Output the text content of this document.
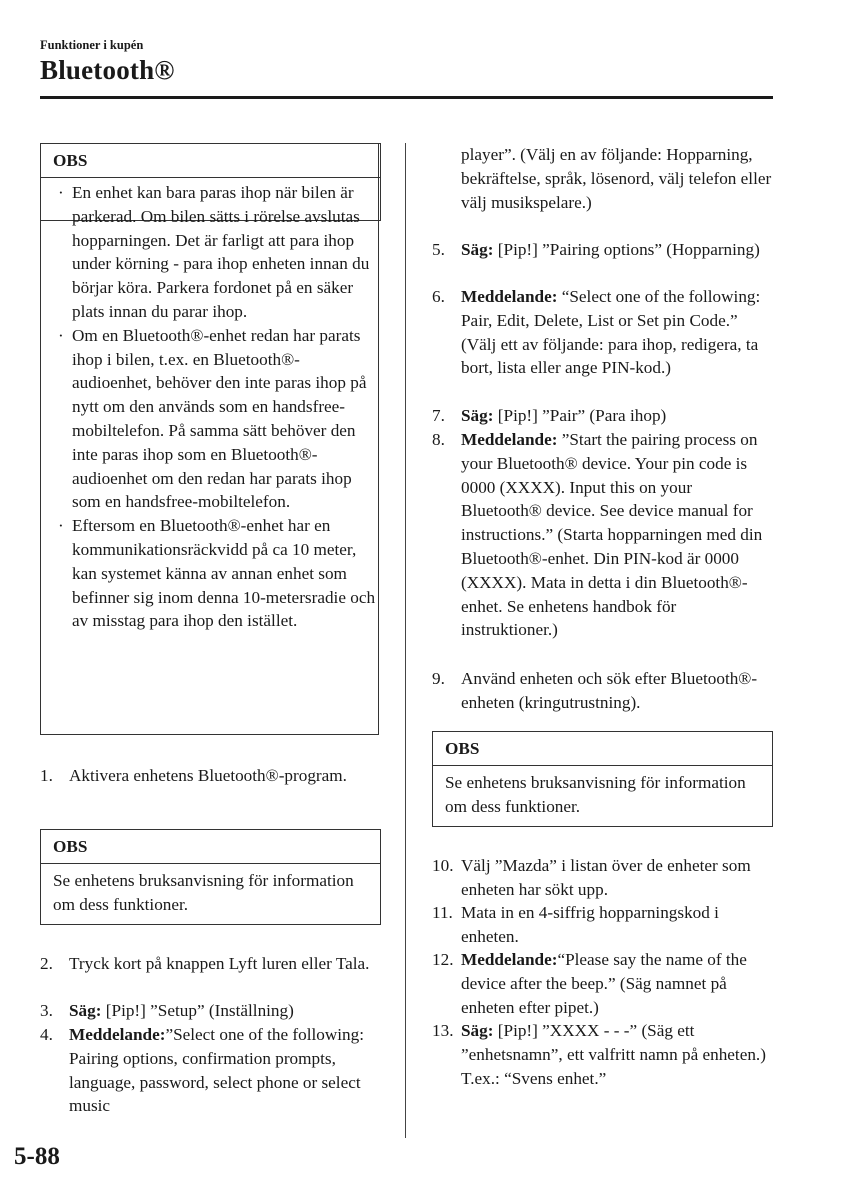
Funktioner i kupén
Bluetooth®
OBS
· En enhet kan bara paras ihop när bilen är parkerad. Om bilen sätts i rörelse avslutas hopparningen. Det är farligt att para ihop under körning - para ihop enheten innan du börjar köra. Parkera fordonet på en säker plats innan du parar ihop.
· Om en Bluetooth®-enhet redan har parats ihop i bilen, t.ex. en Bluetooth®-audioenhet, behöver den inte paras ihop på nytt om den används som en handsfree-mobiltelefon. På samma sätt behöver den inte paras ihop som en Bluetooth®-audioenhet om den redan har parats ihop som en handsfree-mobiltelefon.
· Eftersom en Bluetooth®-enhet har en kommunikationsräckvidd på ca 10 meter, kan systemet känna av annan enhet som befinner sig inom denna 10-metersradie och av misstag para ihop den istället.
1. Aktivera enhetens Bluetooth®-program.
OBS
Se enhetens bruksanvisning för information om dess funktioner.
2. Tryck kort på knappen Lyft luren eller Tala.
3. Säg: [Pip!] ”Setup” (Inställning)
4. Meddelande:”Select one of the following: Pairing options, confirmation prompts, language, password, select phone or select music
player”. (Välj en av följande: Hopparning, bekräftelse, språk, lösenord, välj telefon eller välj musikspelare.)
5. Säg: [Pip!] ”Pairing options” (Hopparning)
6. Meddelande: “Select one of the following: Pair, Edit, Delete, List or Set pin Code.” (Välj ett av följande: para ihop, redigera, ta bort, lista eller ange PIN-kod.)
7. Säg: [Pip!] ”Pair” (Para ihop)
8. Meddelande: ”Start the pairing process on your Bluetooth® device. Your pin code is 0000 (XXXX). Input this on your Bluetooth® device. See device manual for instructions.” (Starta hopparningen med din Bluetooth®-enhet. Din PIN-kod är 0000 (XXXX). Mata in detta i din Bluetooth®-enhet. Se enhetens handbok för instruktioner.)
9. Använd enheten och sök efter Bluetooth®-enheten (kringutrustning).
OBS
Se enhetens bruksanvisning för information om dess funktioner.
10. Välj ”Mazda” i listan över de enheter som enheten har sökt upp.
11. Mata in en 4-siffrig hopparningskod i enheten.
12. Meddelande:“Please say the name of the device after the beep.” (Säg namnet på enheten efter pipet.)
13. Säg: [Pip!] ”XXXX - - -” (Säg ett ”enhetsnamn”, ett valfritt namn på enheten.)
T.ex.: “Svens enhet.”
5-88
